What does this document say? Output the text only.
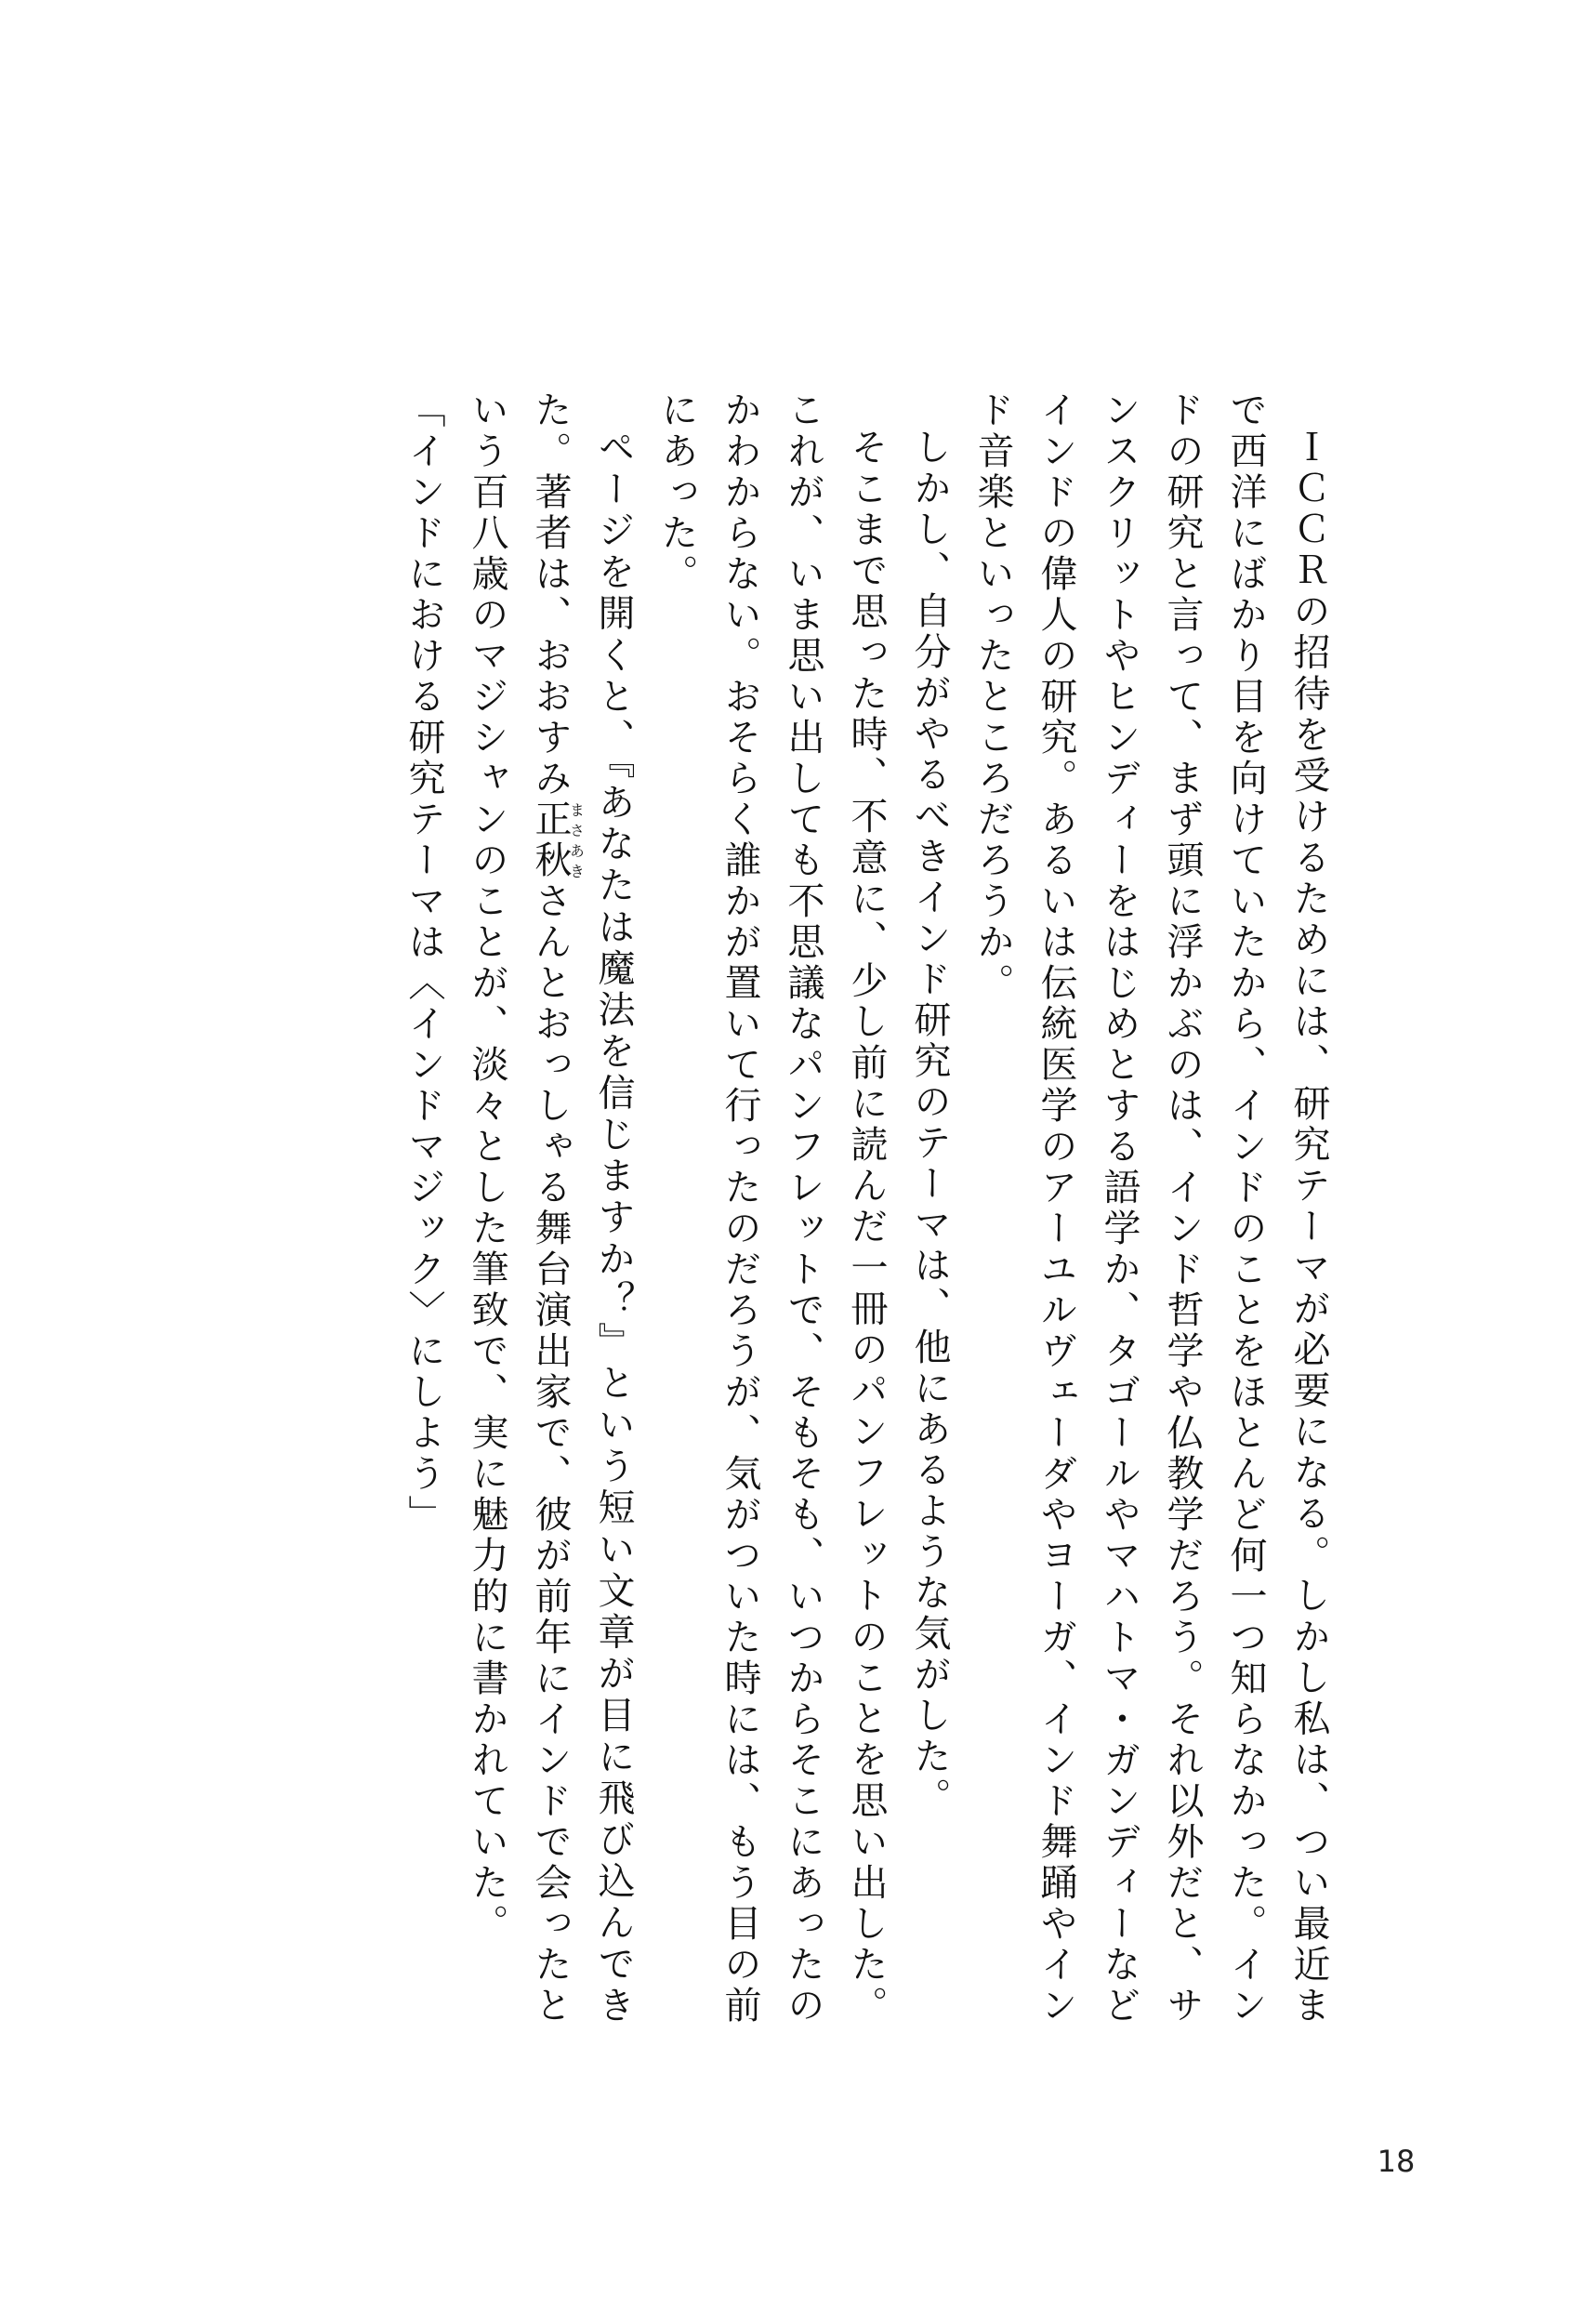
ＩＣＣＲの招待を受けるためには、研究テーマが必要になる。しかし私は、つい最近まで西洋にばかり目を向けていたから、インドのことをほとんど何一つ知らなかった。インドの研究と言って、まず頭に浮かぶのは、インド哲学や仏教学だろう。それ以外だと、サンスクリットやヒンディーをはじめとする語学か、タゴールやマハトマ・ガンディーなどインドの偉人の研究。あるいは伝統医学のアーユルヴェーダやヨーガ、インド舞踊やインド音楽といったところだろうか。

しかし、自分がやるべきインド研究のテーマは、他にあるような気がした。

そこまで思った時、不意に、少し前に読んだ一冊のパンフレットのことを思い出した。これが、いま思い出しても不思議なパンフレットで、そもそも、いつからそこにあったのかわからない。おそらく誰かが置いて行ったのだろうが、気がついた時には、もう目の前にあった。

ページを開くと、『あなたは魔法を信じますか？』という短い文章が目に飛び込んできた。著者は、おおすみ正秋まさあきさんとおっしゃる舞台演出家で、彼が前年にインドで会ったという百八歳のマジシャンのことが、淡々とした筆致で、実に魅力的に書かれていた。

「インドにおける研究テーマは〈インドマジック〉にしよう」

18
